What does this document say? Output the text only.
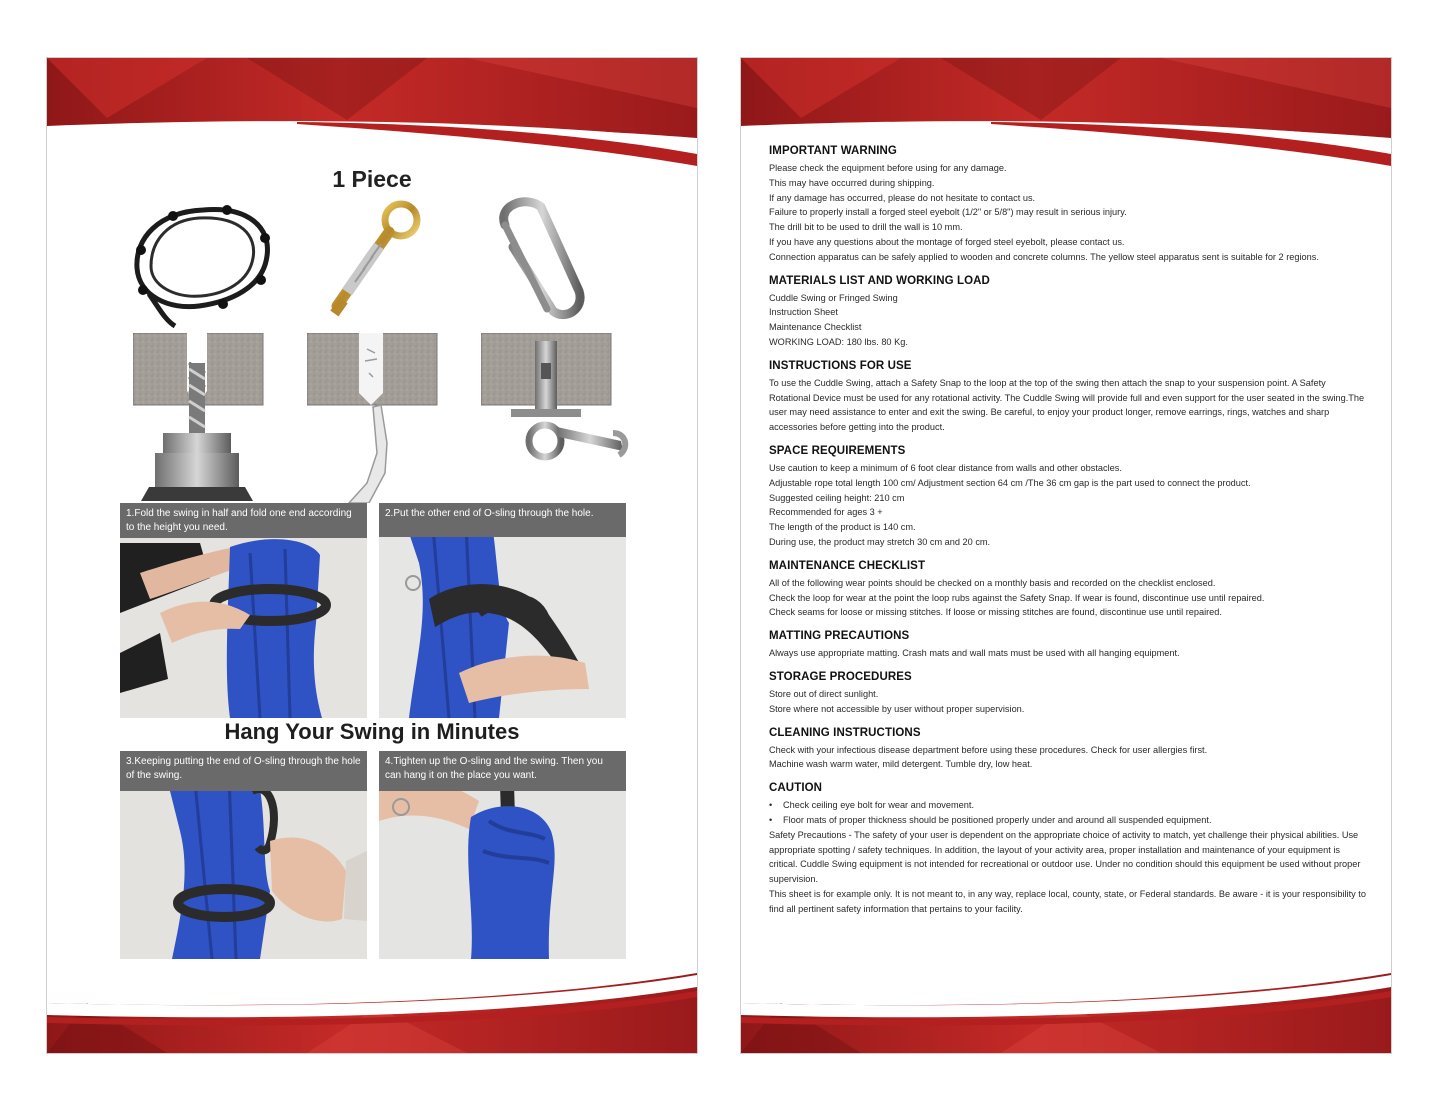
1 Piece
1.Fold the swing in half and fold one end according to the height you need.
2.Put the other end of O-sling through the hole.
Hang Your Swing in Minutes
3.Keeping putting the end of O-sling through the hole of the swing.
4.Tighten up the O-sling and the swing. Then you can hang it on the place you want.
IMPORTANT WARNING

Please check the equipment before using for any damage.

This may have occurred during shipping.

If any damage has occurred, please do not hesitate to contact us.

Failure to properly install a forged steel eyebolt (1/2" or 5/8") may result in serious injury.

The drill bit to be used to drill the wall is 10 mm.

If you have any questions about the montage of forged steel eyebolt, please contact us.

Connection apparatus can be safely applied to wooden and concrete columns. The yellow steel apparatus sent is suitable for 2 regions.

MATERIALS LIST AND WORKING LOAD

Cuddle Swing or Fringed Swing

Instruction Sheet

Maintenance Checklist

WORKING LOAD: 180 lbs. 80 Kg.

INSTRUCTIONS FOR USE

To use the Cuddle Swing, attach a Safety Snap to the loop at the top of the swing then attach the snap to your suspension point. A Safety Rotational Device must be used for any rotational activity. The Cuddle Swing will provide full and even support for the user seated in the swing.The user may need assistance to enter and exit the swing. Be careful, to enjoy your product longer, remove earrings, rings, watches and sharp accessories before getting into the product.

SPACE REQUIREMENTS

Use caution to keep a minimum of 6 foot clear distance from walls and other obstacles.

Adjustable rope total length 100 cm/ Adjustment section 64 cm /The 36 cm gap is the part used to connect the product.

Suggested ceiling height: 210 cm

Recommended for ages 3 +

The length of the product is 140 cm.

During use, the product may stretch 30 cm and 20 cm.

MAINTENANCE CHECKLIST

All of the following wear points should be checked on a monthly basis and recorded on the checklist enclosed.

Check the loop for wear at the point the loop rubs against the Safety Snap. If wear is found, discontinue use until repaired.

Check seams for loose or missing stitches. If loose or missing stitches are found, discontinue use until repaired.

MATTING PRECAUTIONS

Always use appropriate matting. Crash mats and wall mats must be used with all hanging equipment.

STORAGE PROCEDURES

Store out of direct sunlight.

Store where not accessible by user without proper supervision.

CLEANING INSTRUCTIONS

Check with your infectious disease department before using these procedures. Check for user allergies first.

Machine wash warm water, mild detergent. Tumble dry, low heat.

CAUTION

• Check ceiling eye bolt for wear and movement.

• Floor mats of proper thickness should be positioned properly under and around all suspended equipment.

Safety Precautions - The safety of your user is dependent on the appropriate choice of activity to match, yet challenge their physical abilities. Use appropriate spotting / safety techniques. In addition, the layout of your activity area, proper installation and maintenance of your equipment is critical. Cuddle Swing equipment is not intended for recreational or outdoor use. Under no condition should this equipment be used without proper supervision.

This sheet is for example only. It is not meant to, in any way, replace local, county, state, or Federal standards. Be aware - it is your responsibility to find all pertinent safety information that pertains to your facility.
